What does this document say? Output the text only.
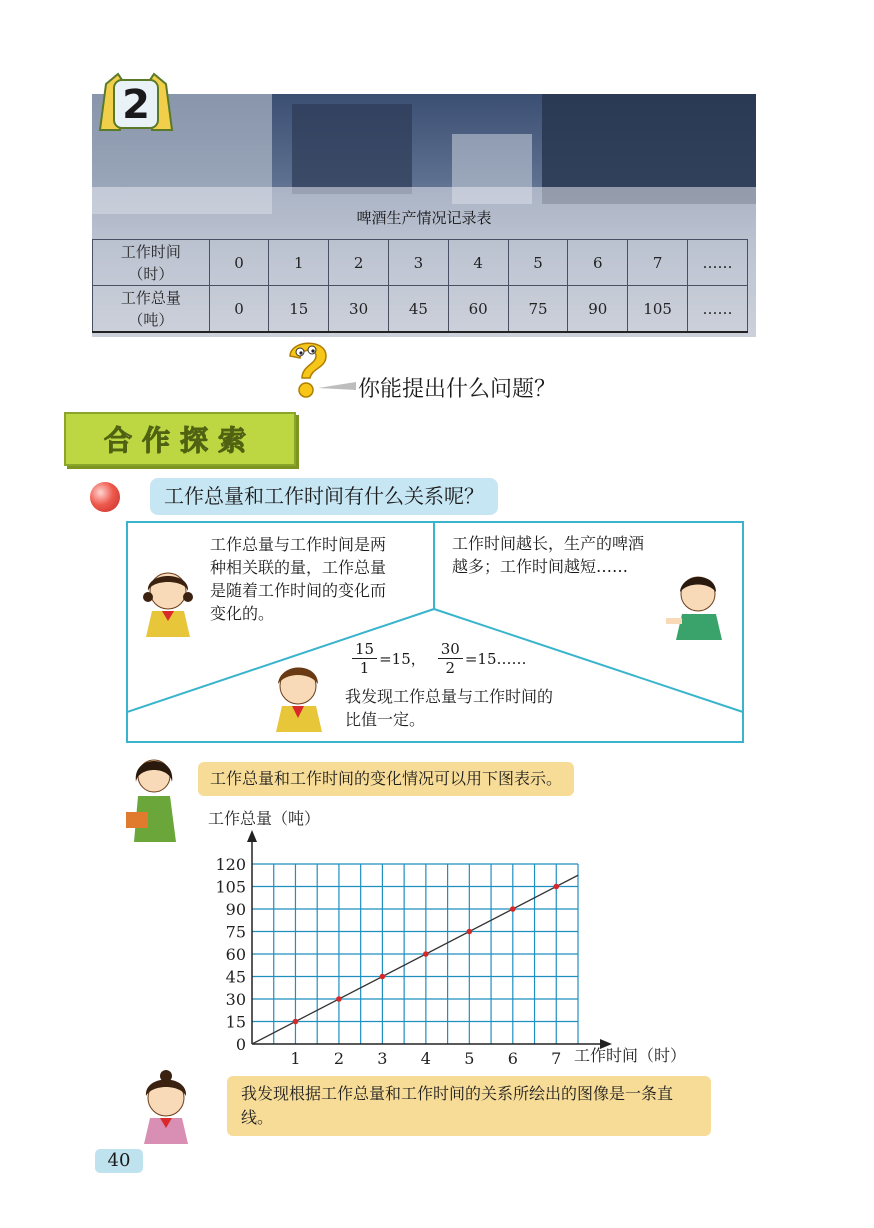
2
啤酒生产情况记录表
工作时间
（时）	0	1	2	3	4	5	6	7	……
工作总量
（吨）	0	15	30	45	60	75	90	105	……
你能提出什么问题？
合作探索
工作总量和工作时间有什么关系呢？
工作总量与工作时间是两种相关联的量，工作总量是随着工作时间的变化而变化的。
工作时间越长，生产的啤酒越多；工作时间越短……
$\frac{15}{1} =15$， $\frac{30}{2}$ =15……
我发现工作总量与工作时间的比值一定。
工作总量和工作时间的变化情况可以用下图表示。
工作总量（吨）
工作时间（时）
1 2 3 4 5 6 7
0
15
30
45
60
75
90
105
120
我发现根据工作总量和工作时间的关系所绘出的图像是一条直线。
40
